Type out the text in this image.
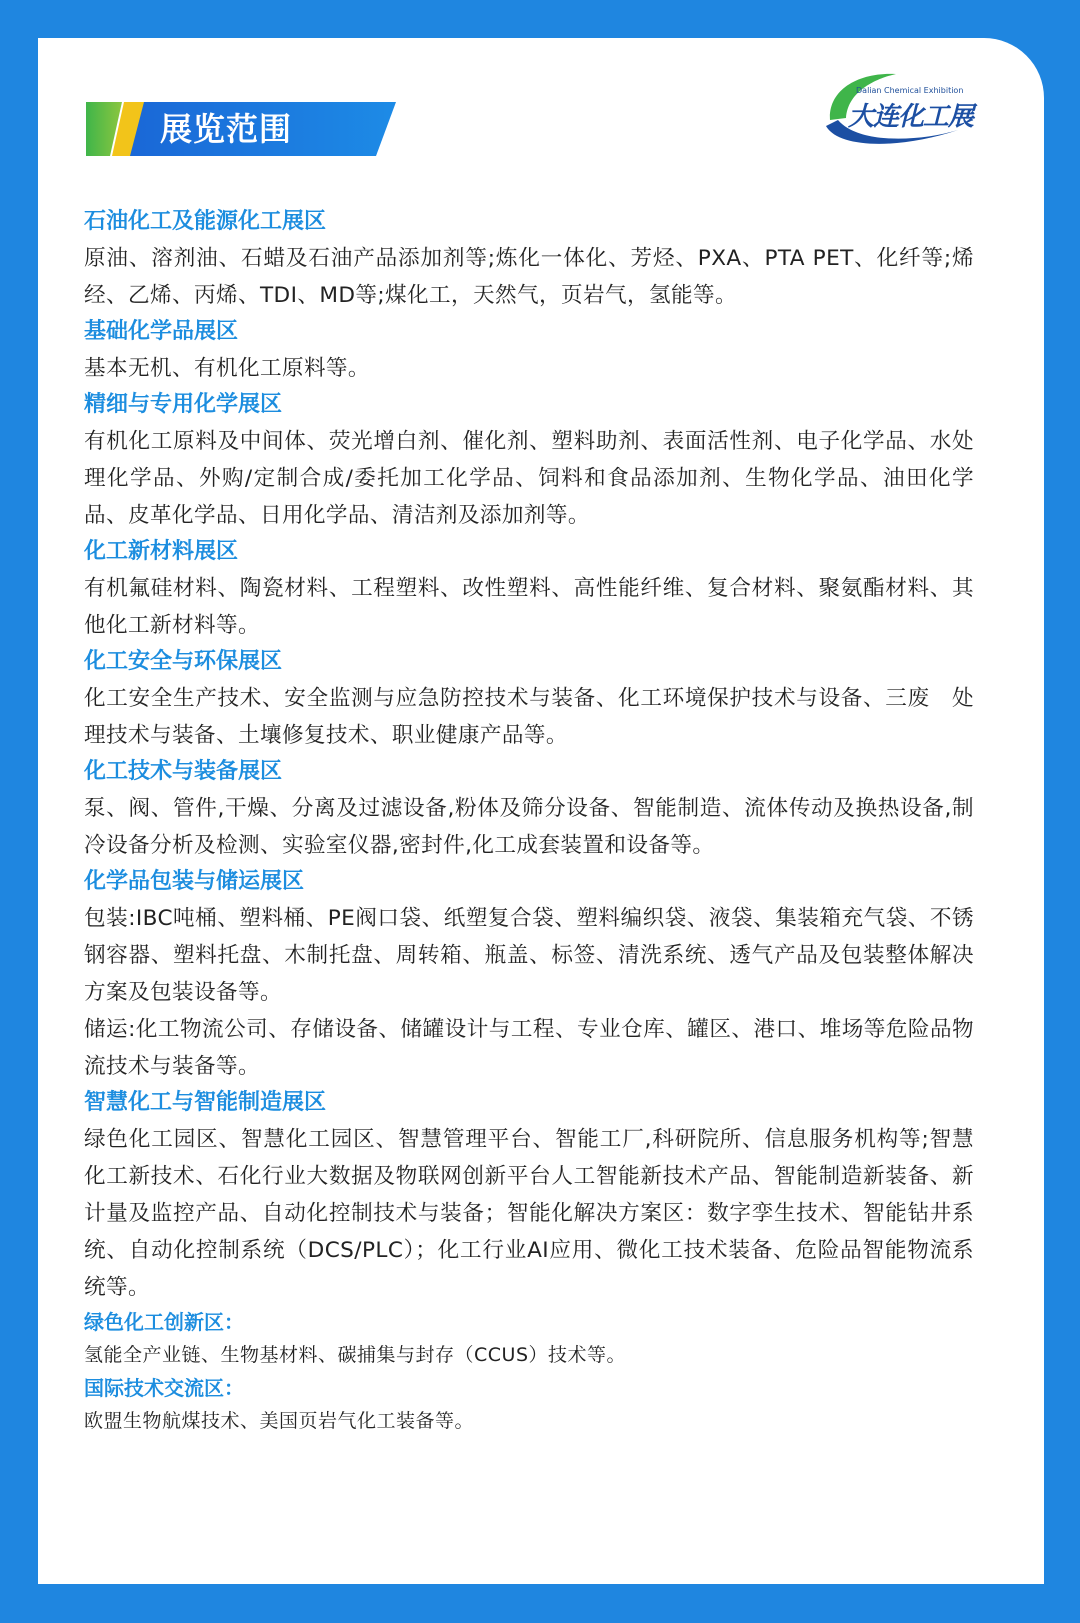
展览范围
Dalian Chemical Exhibition
大连化工展
石油化工及能源化工展区
原油、溶剂油、石蜡及石油产品添加剂等;炼化一体化、芳烃、PXA、PTA PET、化纤等;烯经、乙烯、丙烯、TDI、MD等;煤化工，天然气，页岩气，氢能等。
基础化学品展区
基本无机、有机化工原料等。
精细与专用化学展区
有机化工原料及中间体、荧光增白剂、催化剂、塑料助剂、表面活性剂、电子化学品、水处理化学品、外购/定制合成/委托加工化学品、饲料和食品添加剂、生物化学品、油田化学品、皮革化学品、日用化学品、清洁剂及添加剂等。
化工新材料展区
有机氟硅材料、陶瓷材料、工程塑料、改性塑料、高性能纤维、复合材料、聚氨酯材料、其他化工新材料等。
化工安全与环保展区
化工安全生产技术、安全监测与应急防控技术与装备、化工环境保护技术与设备、三废　处理技术与装备、土壤修复技术、职业健康产品等。
化工技术与装备展区
泵、阀、管件,干燥、分离及过滤设备,粉体及筛分设备、智能制造、流体传动及换热设备,制冷设备分析及检测、实验室仪器,密封件,化工成套装置和设备等。
化学品包装与储运展区
包装:IBC吨桶、塑料桶、PE阀口袋、纸塑复合袋、塑料编织袋、液袋、集装箱充气袋、不锈钢容器、塑料托盘、木制托盘、周转箱、瓶盖、标签、清洗系统、透气产品及包装整体解决方案及包装设备等。
储运:化工物流公司、存储设备、储罐设计与工程、专业仓库、罐区、港口、堆场等危险品物流技术与装备等。
智慧化工与智能制造展区
绿色化工园区、智慧化工园区、智慧管理平台、智能工厂,科研院所、信息服务机构等;智慧化工新技术、石化行业大数据及物联网创新平台人工智能新技术产品、智能制造新装备、新计量及监控产品、自动化控制技术与装备；智能化解决方案区：数字孪生技术、智能钻井系统、自动化控制系统（DCS/PLC）；化工行业AI应用、微化工技术装备、危险品智能物流系统等。
绿色化工创新区：
氢能全产业链、生物基材料、碳捕集与封存（CCUS）技术等。
国际技术交流区：
欧盟生物航煤技术、美国页岩气化工装备等。
